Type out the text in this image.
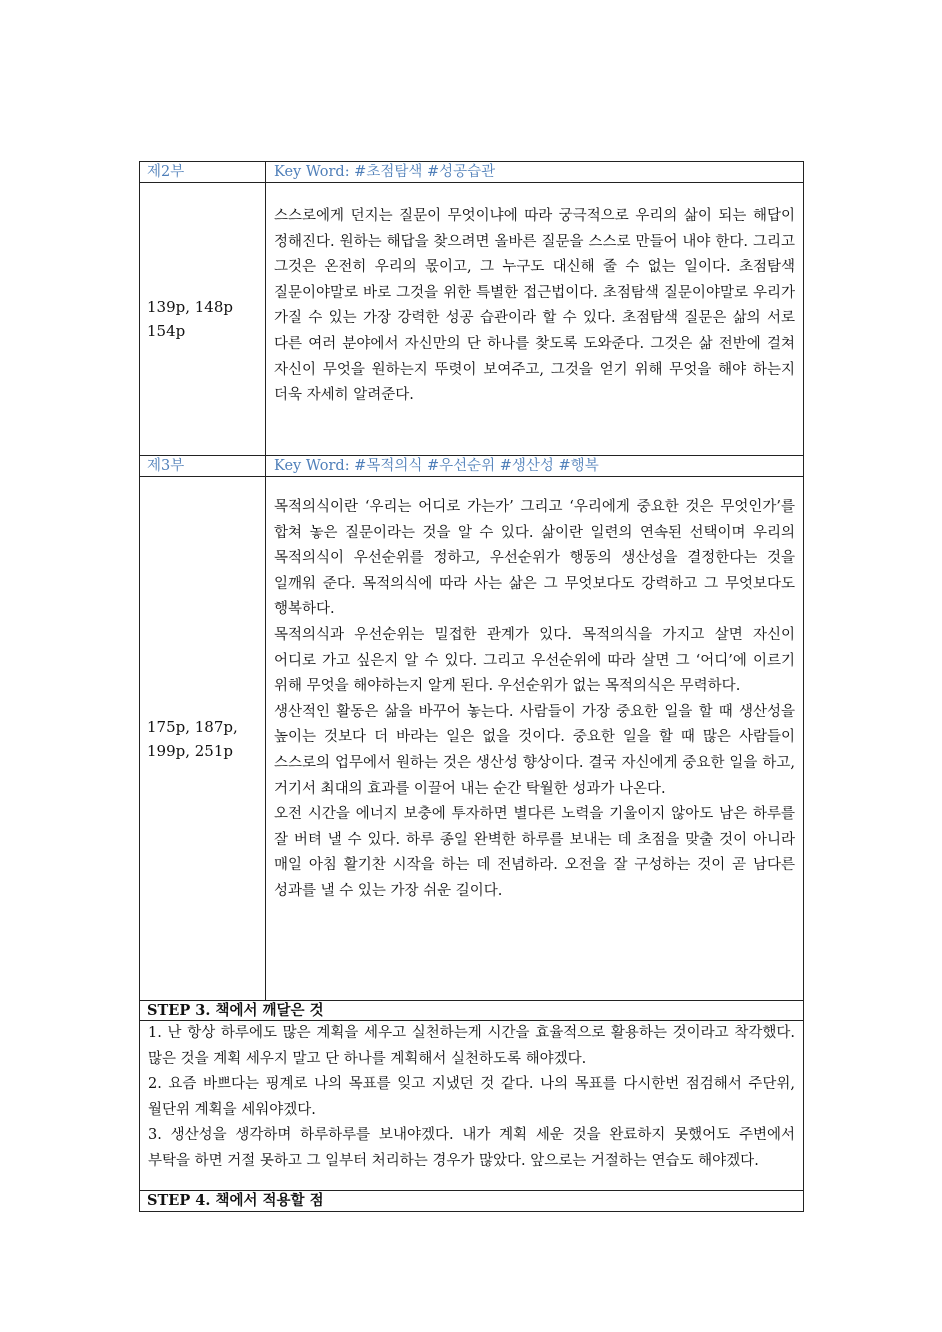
제2부	Key Word: #초점탐색 #성공습관
139p, 148p
154p
스스로에게 던지는 질문이 무엇이냐에 따라 궁극적으로 우리의 삶이 되는 해답이 정해진다. 원하는 해답을 찾으려면 올바른 질문을 스스로 만들어 내야 한다. 그리고 그것은 온전히 우리의 몫이고, 그 누구도 대신해 줄 수 없는 일이다. 초점탐색 질문이야말로 바로 그것을 위한 특별한 접근법이다. 초점탐색 질문이야말로 우리가 가질 수 있는 가장 강력한 성공 습관이라 할 수 있다. 초점탐색 질문은 삶의 서로 다른 여러 분야에서 자신만의 단 하나를 찾도록 도와준다. 그것은 삶 전반에 걸쳐 자신이 무엇을 원하는지 뚜렷이 보여주고, 그것을 얻기 위해 무엇을 해야 하는지 더욱 자세히 알려준다.
제3부	Key Word: #목적의식 #우선순위 #생산성 #행복
175p, 187p,
199p, 251p

목적의식이란 ‘우리는 어디로 가는가’ 그리고 ‘우리에게 중요한 것은 무엇인가’를 합쳐 놓은 질문이라는 것을 알 수 있다. 삶이란 일련의 연속된 선택이며 우리의 목적의식이 우선순위를 정하고, 우선순위가 행동의 생산성을 결정한다는 것을 일깨워 준다. 목적의식에 따라 사는 삶은 그 무엇보다도 강력하고 그 무엇보다도 행복하다.

목적의식과 우선순위는 밀접한 관계가 있다. 목적의식을 가지고 살면 자신이 어디로 가고 싶은지 알 수 있다. 그리고 우선순위에 따라 살면 그 ‘어디’에 이르기 위해 무엇을 해야하는지 알게 된다. 우선순위가 없는 목적의식은 무력하다.

생산적인 활동은 삶을 바꾸어 놓는다. 사람들이 가장 중요한 일을 할 때 생산성을 높이는 것보다 더 바라는 일은 없을 것이다. 중요한 일을 할 때 많은 사람들이 스스로의 업무에서 원하는 것은 생산성 향상이다. 결국 자신에게 중요한 일을 하고, 거기서 최대의 효과를 이끌어 내는 순간 탁월한 성과가 나온다.

오전 시간을 에너지 보충에 투자하면 별다른 노력을 기울이지 않아도 남은 하루를 잘 버텨 낼 수 있다. 하루 종일 완벽한 하루를 보내는 데 초점을 맞출 것이 아니라 매일 아침 활기찬 시작을 하는 데 전념하라. 오전을 잘 구성하는 것이 곧 남다른 성과를 낼 수 있는 가장 쉬운 길이다.

STEP 3. 책에서 깨달은 것

1. 난 항상 하루에도 많은 계획을 세우고 실천하는게 시간을 효율적으로 활용하는 것이라고 착각했다. 많은 것을 계획 세우지 말고 단 하나를 계획해서 실천하도록 해야겠다.

2. 요즘 바쁘다는 핑계로 나의 목표를 잊고 지냈던 것 같다. 나의 목표를 다시한번 점검해서 주단위, 월단위 계획을 세워야겠다.

3. 생산성을 생각하며 하루하루를 보내야겠다. 내가 계획 세운 것을 완료하지 못했어도 주변에서 부탁을 하면 거절 못하고 그 일부터 처리하는 경우가 많았다. 앞으로는 거절하는 연습도 해야겠다.

STEP 4. 책에서 적용할 점
